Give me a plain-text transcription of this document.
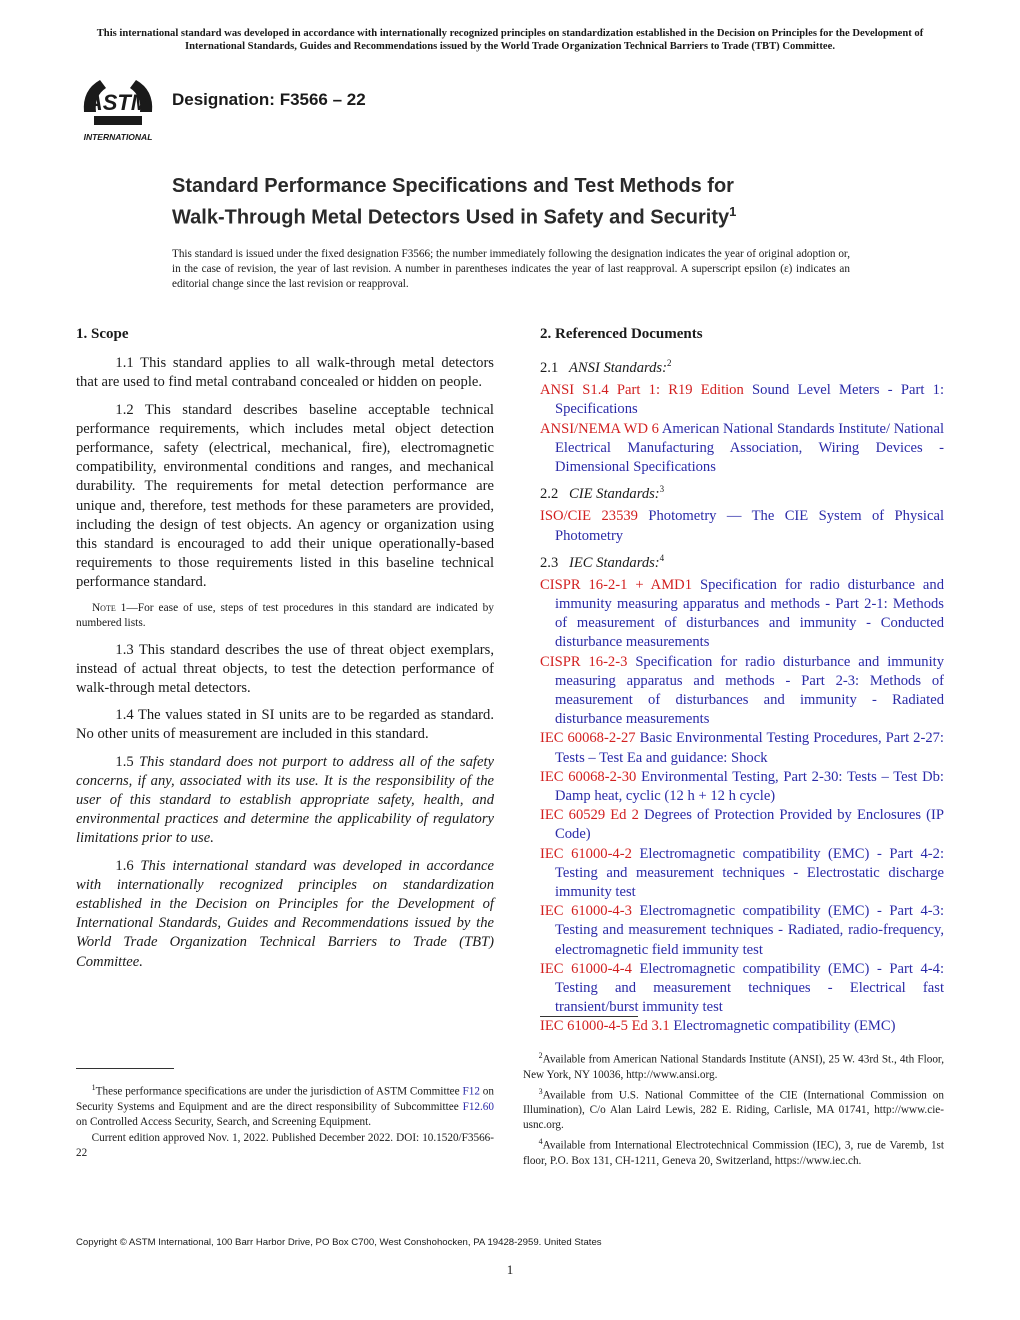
This international standard was developed in accordance with internationally recognized principles on standardization established in the Decision on Principles for the Development of International Standards, Guides and Recommendations issued by the World Trade Organization Technical Barriers to Trade (TBT) Committee.
ASTM
INTERNATIONAL
Designation: F3566 – 22
Standard Performance Specifications and Test Methods for
Walk-Through Metal Detectors Used in Safety and Security$^1$
This standard is issued under the fixed designation F3566; the number immediately following the designation indicates the year of original adoption or, in the case of revision, the year of last revision. A number in parentheses indicates the year of last reapproval. A superscript epsilon (ε) indicates an editorial change since the last revision or reapproval.
1. Scope

1.1 This standard applies to all walk-through metal detectors that are used to find metal contraband concealed or hidden on people.

1.2 This standard describes baseline acceptable technical performance requirements, which includes metal object detection performance, safety (electrical, mechanical, fire), electromagnetic compatibility, environmental conditions and ranges, and mechanical durability. The requirements for metal detection performance are unique and, therefore, test methods for these parameters are provided, including the design of test objects. An agency or organization using this standard is encouraged to add their unique operationally-based requirements to those requirements listed in this baseline technical performance standard.

Note 1—For ease of use, steps of test procedures in this standard are indicated by numbered lists.

1.3 This standard describes the use of threat object exemplars, instead of actual threat objects, to test the detection performance of walk-through metal detectors.

1.4 The values stated in SI units are to be regarded as standard. No other units of measurement are included in this standard.

1.5 This standard does not purport to address all of the safety concerns, if any, associated with its use. It is the responsibility of the user of this standard to establish appropriate safety, health, and environmental practices and determine the applicability of regulatory limitations prior to use.

1.6 This international standard was developed in accordance with internationally recognized principles on standardization established in the Decision on Principles for the Development of International Standards, Guides and Recommendations issued by the World Trade Organization Technical Barriers to Trade (TBT) Committee.

2. Referenced Documents
2.1 ANSI Standards:$^2$
ANSI S1.4 Part 1: R19 Edition Sound Level Meters - Part 1: Specifications
ANSI/NEMA WD 6 American National Standards Institute/ National Electrical Manufacturing Association, Wiring Devices - Dimensional Specifications
2.2 CIE Standards:$^3$
ISO/CIE 23539 Photometry — The CIE System of Physical Photometry
2.3 IEC Standards:$^4$
CISPR 16-2-1 + AMD1 Specification for radio disturbance and immunity measuring apparatus and methods - Part 2-1: Methods of measurement of disturbances and immunity - Conducted disturbance measurements
CISPR 16-2-3 Specification for radio disturbance and immunity measuring apparatus and methods - Part 2-3: Methods of measurement of disturbances and immunity - Radiated disturbance measurements
IEC 60068-2-27 Basic Environmental Testing Procedures, Part 2-27: Tests – Test Ea and guidance: Shock
IEC 60068-2-30 Environmental Testing, Part 2-30: Tests – Test Db: Damp heat, cyclic (12 h + 12 h cycle)
IEC 60529 Ed 2 Degrees of Protection Provided by Enclosures (IP Code)
IEC 61000-4-2 Electromagnetic compatibility (EMC) - Part 4-2: Testing and measurement techniques - Electrostatic discharge immunity test
IEC 61000-4-3 Electromagnetic compatibility (EMC) - Part 4-3: Testing and measurement techniques - Radiated, radio-frequency, electromagnetic field immunity test
IEC 61000-4-4 Electromagnetic compatibility (EMC) - Part 4-4: Testing and measurement techniques - Electrical fast transient/burst immunity test
IEC 61000-4-5 Ed 3.1 Electromagnetic compatibility (EMC)

$^1$These performance specifications are under the jurisdiction of ASTM Committee F12 on Security Systems and Equipment and are the direct responsibility of Subcommittee F12.60 on Controlled Access Security, Search, and Screening Equipment.

Current edition approved Nov. 1, 2022. Published December 2022. DOI: 10.1520/F3566-22

$^2$Available from American National Standards Institute (ANSI), 25 W. 43rd St., 4th Floor, New York, NY 10036, http://www.ansi.org.

$^3$Available from U.S. National Committee of the CIE (International Commission on Illumination), C/o Alan Laird Lewis, 282 E. Riding, Carlisle, MA 01741, http://www.cie-usnc.org.

$^4$Available from International Electrotechnical Commission (IEC), 3, rue de Varemb, 1st floor, P.O. Box 131, CH-1211, Geneva 20, Switzerland, https://www.iec.ch.

Copyright © ASTM International, 100 Barr Harbor Drive, PO Box C700, West Conshohocken, PA 19428-2959. United States
1
